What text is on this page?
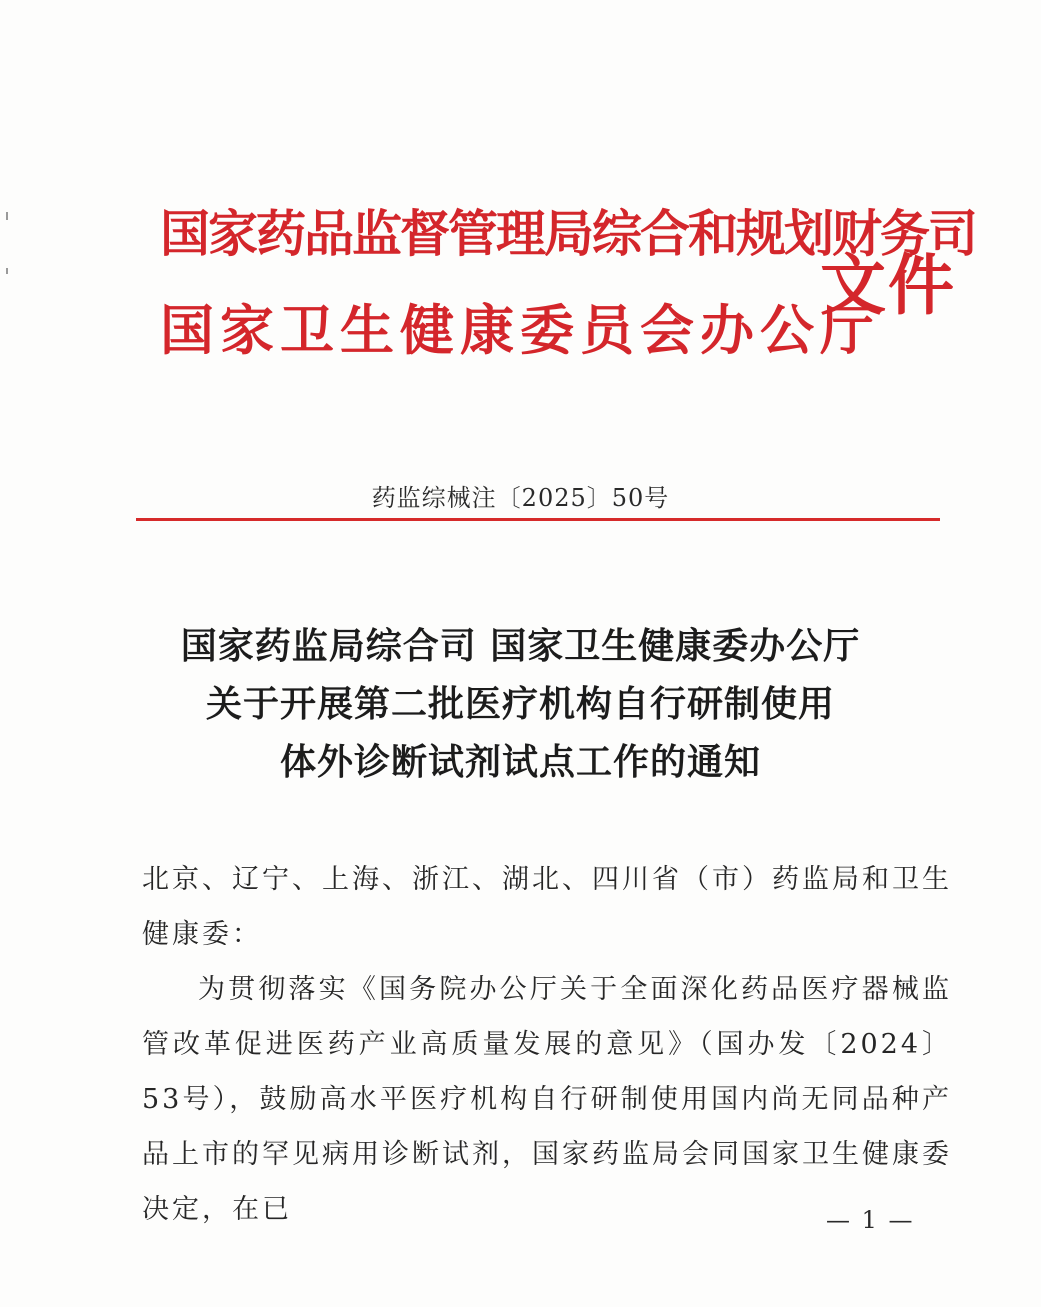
国家药品监督管理局综合和规划财务司
国家卫生健康委员会办公厅
文件
药监综械注〔2025〕50号
国家药监局综合司 国家卫生健康委办公厅
关于开展第二批医疗机构自行研制使用
体外诊断试剂试点工作的通知

北京、辽宁、上海、浙江、湖北、四川省（市）药监局和卫生健康委：

为贯彻落实《国务院办公厅关于全面深化药品医疗器械监管改革促进医药产业高质量发展的意见》（国办发〔2024〕53号），鼓励高水平医疗机构自行研制使用国内尚无同品种产品上市的罕见病用诊断试剂，国家药监局会同国家卫生健康委决定，在已	— 1 —
